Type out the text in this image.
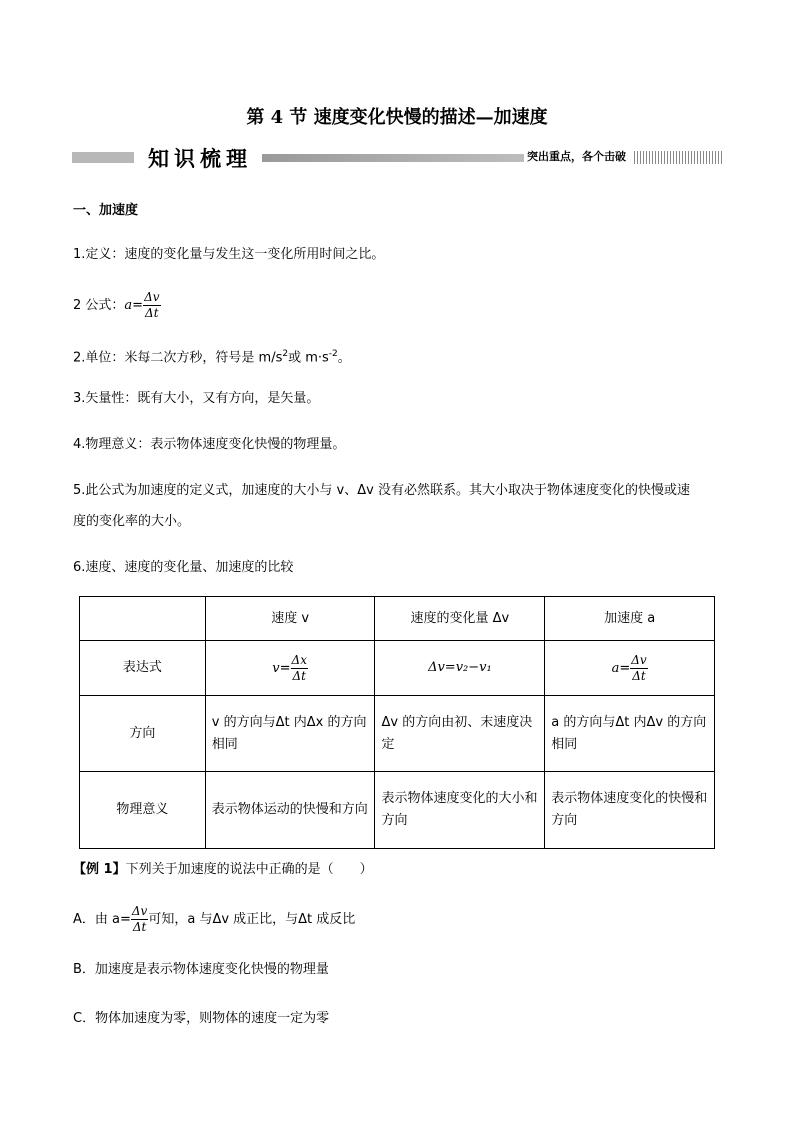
第 4 节 速度变化快慢的描述—加速度
知识梳理	突出重点，各个击破
一、加速度
1.定义：速度的变化量与发生这一变化所用时间之比。
2 公式：$a= \frac{\Delta v}{\Delta t}$
2.单位：米每二次方秒，符号是 $m/s^2$或 $m\cdot s^{-2}$。
3.矢量性：既有大小，又有方向，是矢量。
4.物理意义：表示物体速度变化快慢的物理量。
5.此公式为加速度的定义式，加速度的大小与 v、Δv 没有必然联系。其大小取决于物体速度变化的快慢或速
度的变化率的大小。
6.速度、速度的变化量、加速度的比较
	速度 v	速度的变化量 Δv	加速度 a
表达式	$v= \frac{\Delta x}{\Delta t}$	Δv=v₂−v₁	$a= \frac{\Delta v}{\Delta t}$

方向	v 的方向与Δt 内Δx 的方向相同	Δv 的方向由初、末速度决定	a 的方向与Δt 内Δv 的方向相同
物理意义	表示物体运动的快慢和方向	表示物体速度变化的大小和方向	表示物体速度变化的快慢和方向
【例 1】下列关于加速度的说法中正确的是（　　）
A．由 $a= \frac{\Delta v}{\Delta t}$ 可知，a 与Δv 成正比，与Δt 成反比
B．加速度是表示物体速度变化快慢的物理量
C．物体加速度为零，则物体的速度一定为零
